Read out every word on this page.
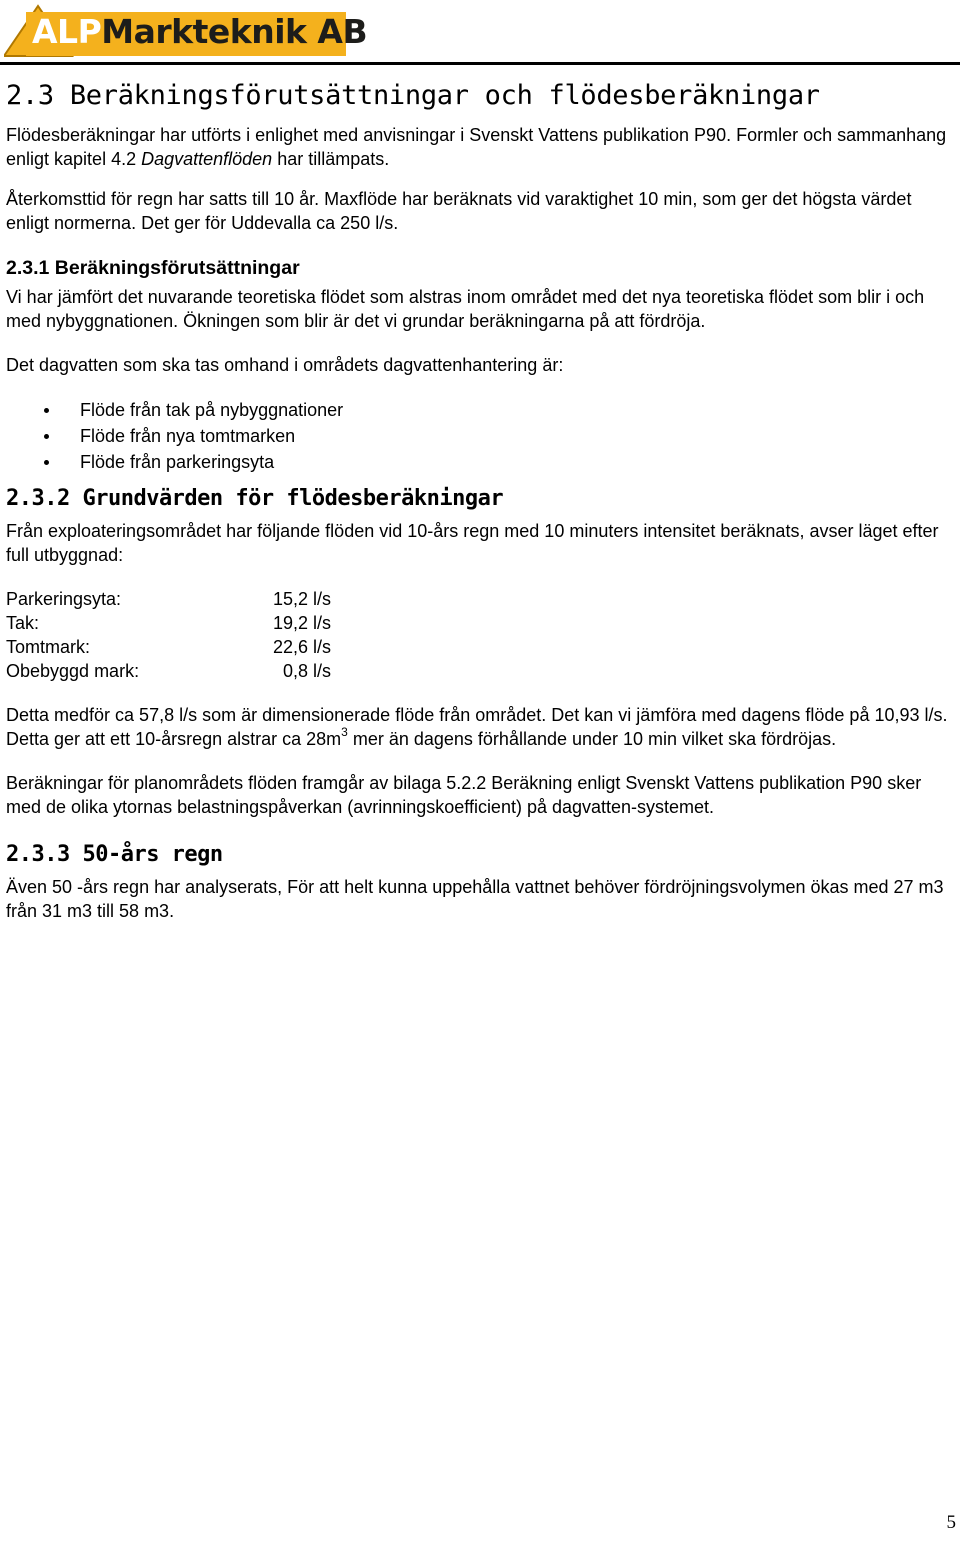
ALPMarkteknik AB
2.3 Beräkningsförutsättningar och flödesberäkningar

Flödesberäkningar har utförts i enlighet med anvisningar i Svenskt Vattens publikation P90. Formler och sammanhang enligt kapitel 4.2 Dagvattenflöden har tillämpats.

Återkomsttid för regn har satts till 10 år. Maxflöde har beräknats vid varaktighet 10 min, som ger det högsta värdet enligt normerna. Det ger för Uddevalla ca 250 l/s.

2.3.1 Beräkningsförutsättningar

Vi har jämfört det nuvarande teoretiska flödet som alstras inom området med det nya teoretiska flödet som blir i och med nybyggnationen. Ökningen som blir är det vi grundar beräkningarna på att fördröja.

Det dagvatten som ska tas omhand i områdets dagvattenhantering är:

Flöde från tak på nybyggnationer
Flöde från nya tomtmarken
Flöde från parkeringsyta
2.3.2 Grundvärden för flödesberäkningar

Från exploateringsområdet har följande flöden vid 10-års regn med 10 minuters intensitet beräknats, avser läget efter full utbyggnad:

Parkeringsyta:	15,2	l/s
Tak:	19,2	l/s
Tomtmark:	22,6	l/s
Obebyggd mark:	0,8	l/s

Detta medför ca 57,8 l/s som är dimensionerade flöde från området. Det kan vi jämföra med dagens flöde på 10,93 l/s. Detta ger att ett 10-årsregn alstrar ca $28m^3$ mer än dagens förhållande under 10 min vilket ska fördröjas.

Beräkningar för planområdets flöden framgår av bilaga 5.2.2 Beräkning enligt Svenskt Vattens publikation P90 sker med de olika ytornas belastningspåverkan (avrinningskoefficient) på dagvatten-systemet.

2.3.3 50-års regn

Även 50 -års regn har analyserats, För att helt kunna uppehålla vattnet behöver fördröjningsvolymen ökas med 27 m3 från 31 m3 till 58 m3.

5
